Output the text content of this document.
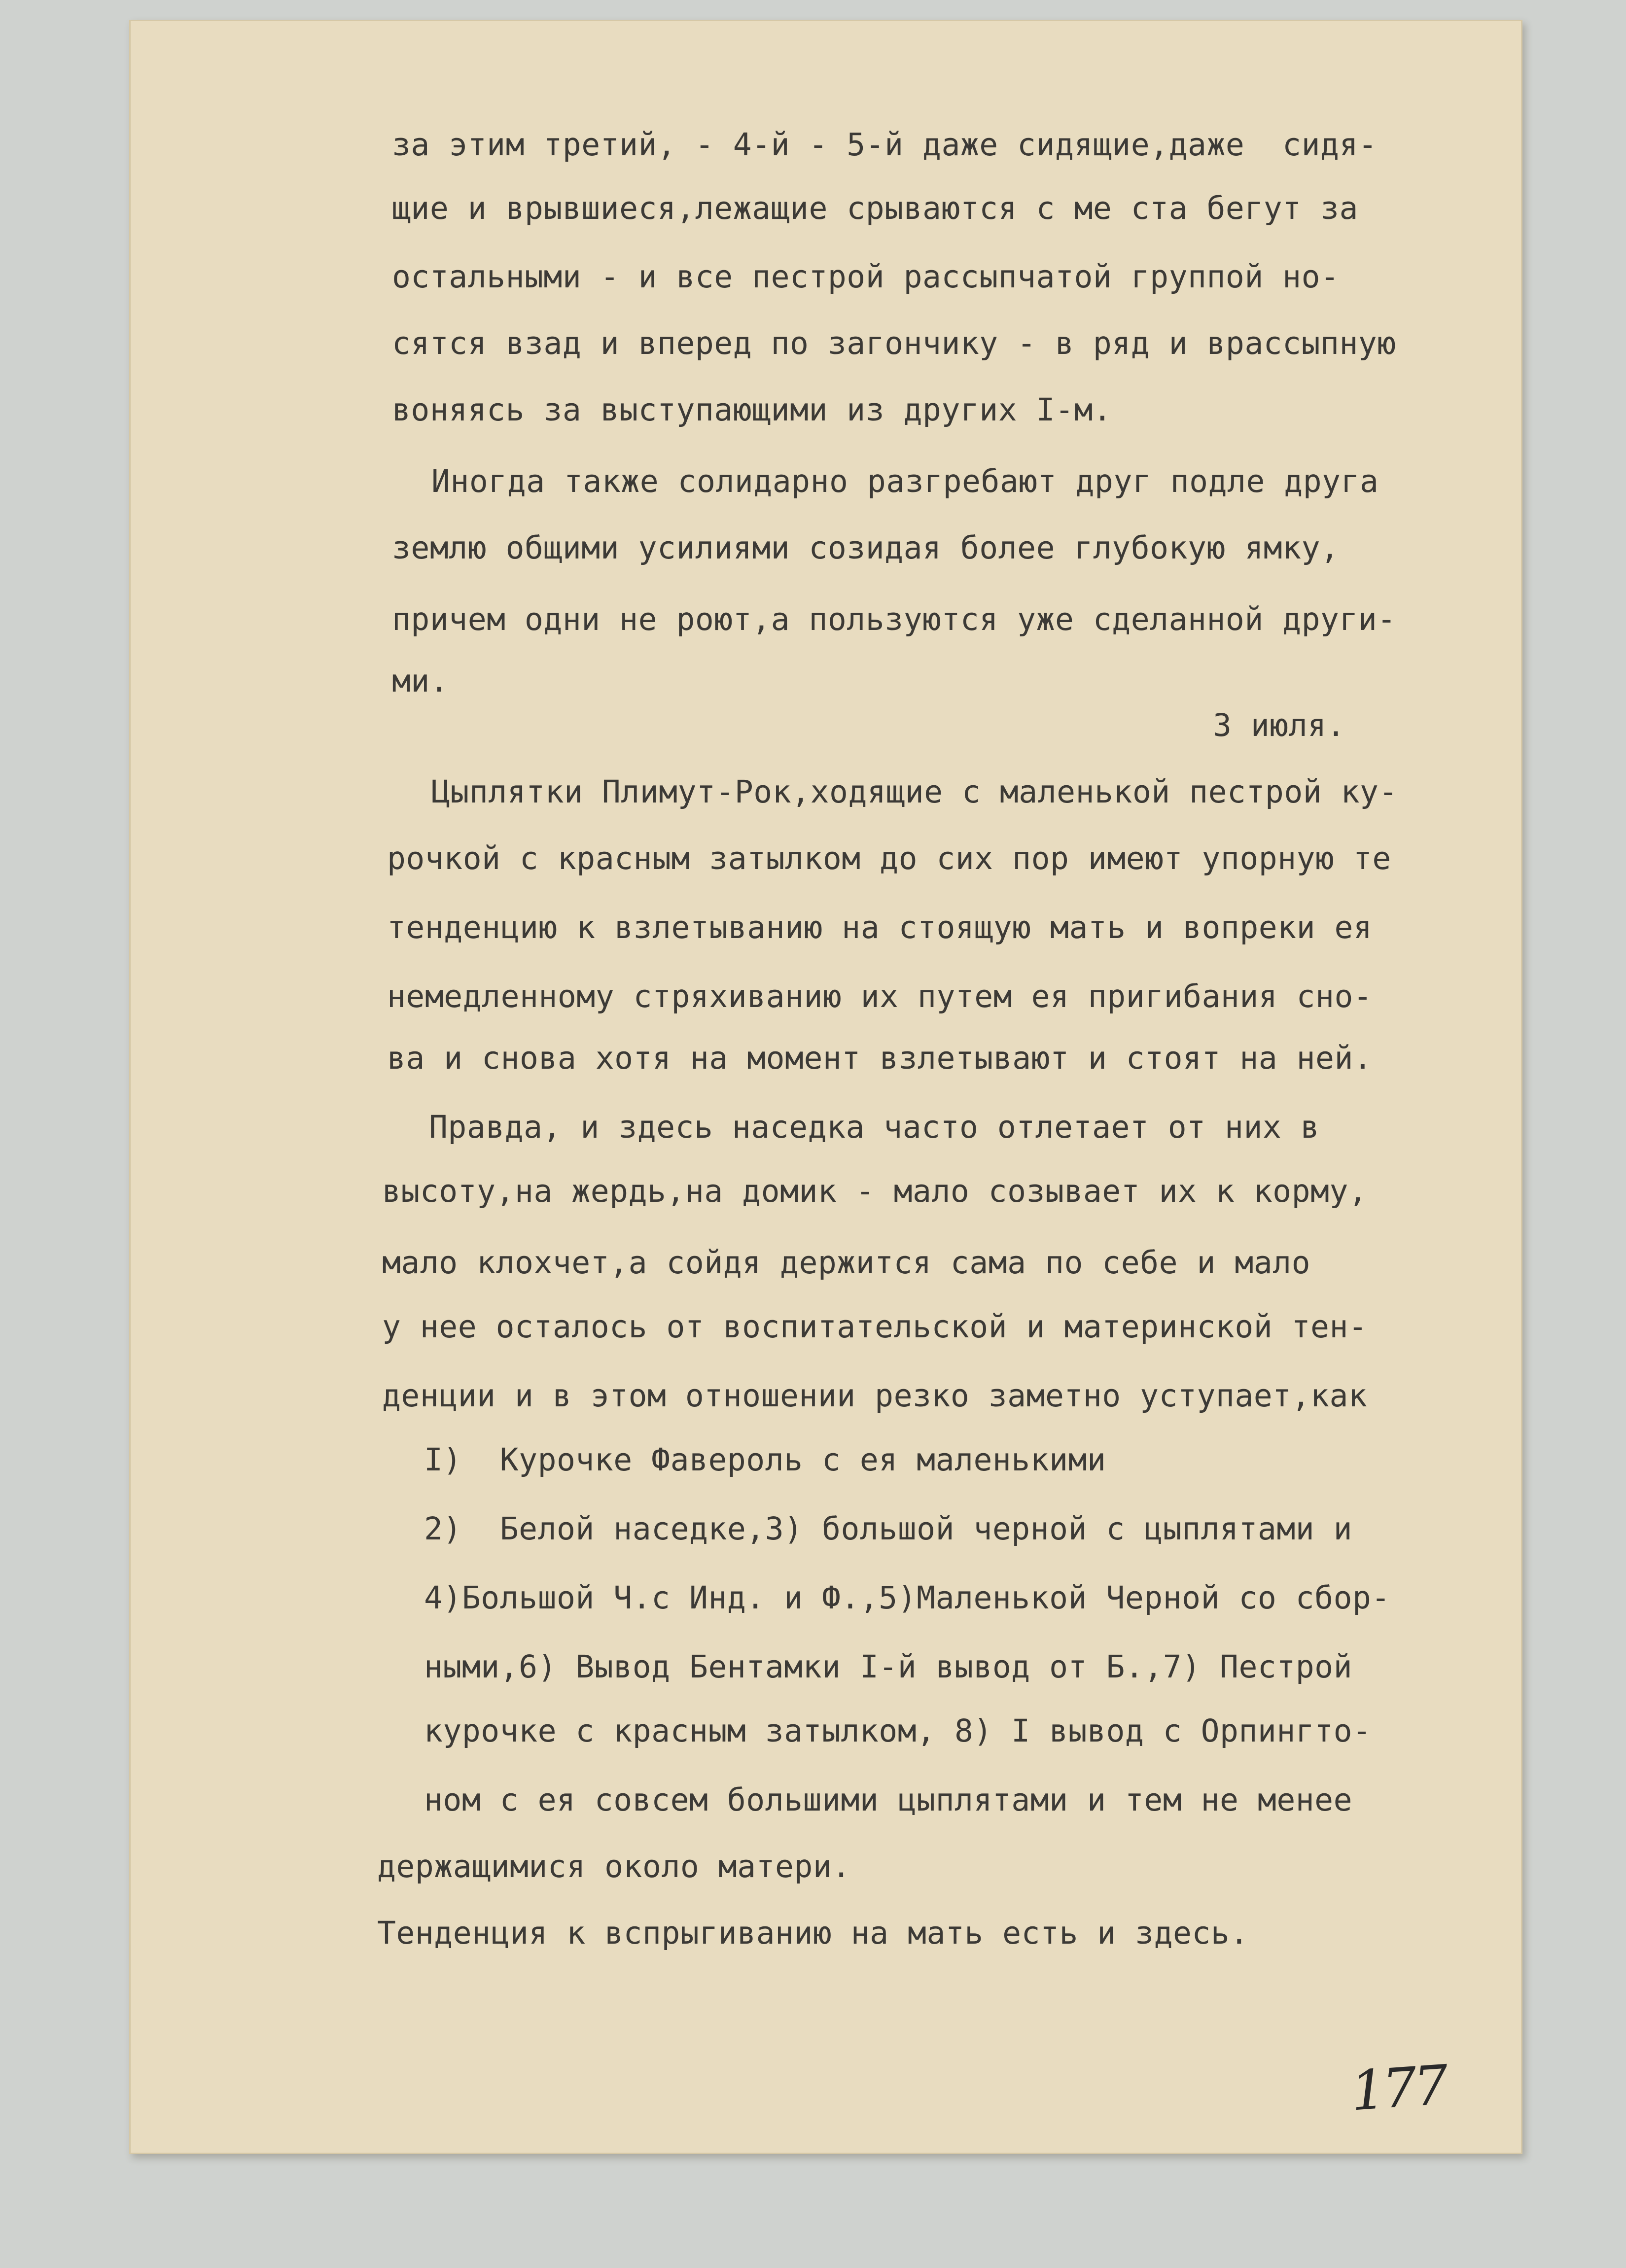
за этим третий, - 4-й - 5-й даже сидящие,даже  сидя-

щие и врывшиеся,лежащие срываются с ме ста бегут за

остальными - и все пестрой рассыпчатой группой но-

сятся взад и вперед по загончику - в ряд и врассыпную

воняясь за выступающими из других I-м.

Иногда также солидарно разгребают друг подле друга

землю общими усилиями созидая более глубокую ямку,

причем одни не роют,а пользуются уже сделанной други-

ми.

3 июля.

Цыплятки Плимут-Рок,ходящие с маленькой пестрой ку-

рочкой с красным затылком до сих пор имеют упорную те

тенденцию к взлетыванию на стоящую мать и вопреки ея

немедленному стряхиванию их путем ея пригибания сно-

ва и снова хотя на момент взлетывают и стоят на ней.

Правда, и здесь наседка часто отлетает от них в

высоту,на жердь,на домик - мало созывает их к корму,

мало клохчет,а сойдя держится сама по себе и мало

у нее осталось от воспитательской и материнской тен-

денции и в этом отношении резко заметно уступает,как

I)  Курочке Фавероль с ея маленькими

2)  Белой наседке,3) большой черной с цыплятами и

4)Большой Ч.с Инд. и Ф.,5)Маленькой Черной со сбор-

ными,6) Вывод Бентамки I-й вывод от Б.,7) Пестрой

курочке с красным затылком, 8) I вывод с Орпингто-

ном с ея совсем большими цыплятами и тем не менее

держащимися около матери.

Тенденция к вспрыгиванию на мать есть и здесь.

177
